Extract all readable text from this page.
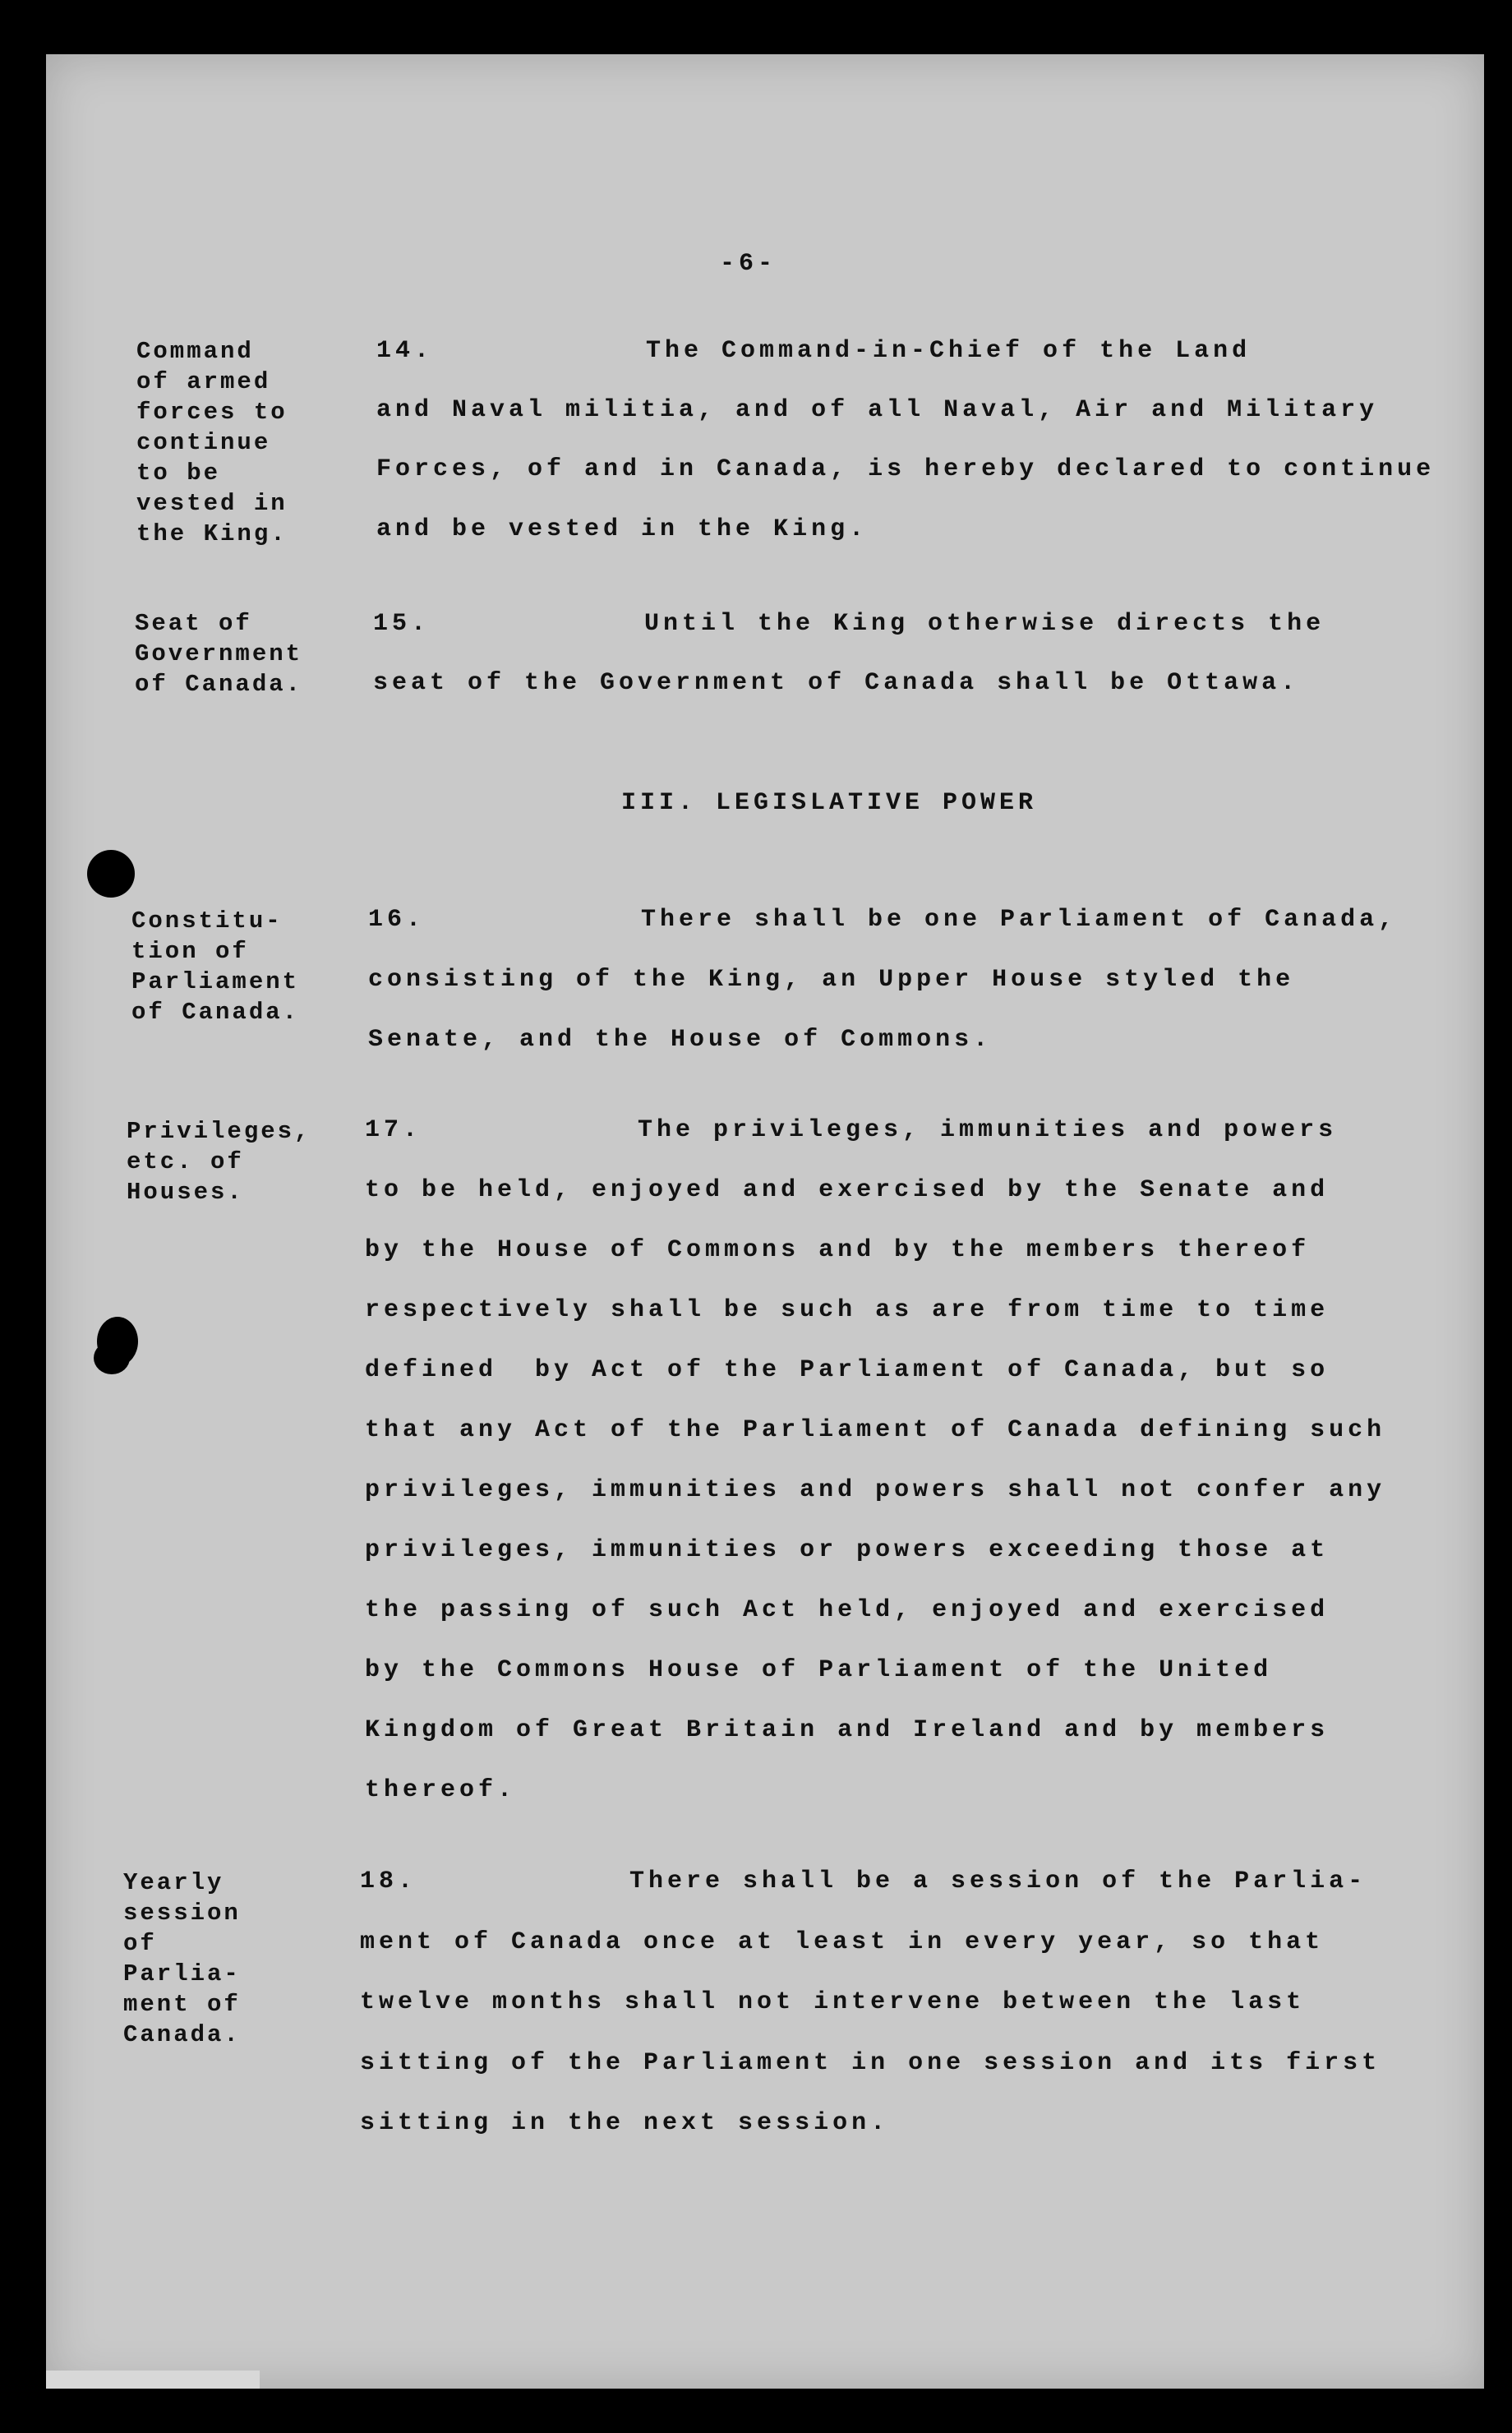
-6-
Command
of armed
forces to
continue
to be
vested in
the King.
14.	The Command-in-Chief of the Land
and Naval militia, and of all Naval, Air and Military
Forces, of and in Canada, is hereby declared to continue
and be vested in the King.
Seat of
Government
of Canada.
15.	Until the King otherwise directs the
seat of the Government of Canada shall be Ottawa.
III. LEGISLATIVE POWER
Constitu-
tion of
Parliament
of Canada.
16.	There shall be one Parliament of Canada,
consisting of the King, an Upper House styled the
Senate, and the House of Commons.
Privileges,
etc. of
Houses.
17.	The privileges, immunities and powers
to be held, enjoyed and exercised by the Senate and
by the House of Commons and by the members thereof
respectively shall be such as are from time to time
defined  by Act of the Parliament of Canada, but so
that any Act of the Parliament of Canada defining such
privileges, immunities and powers shall not confer any
privileges, immunities or powers exceeding those at
the passing of such Act held, enjoyed and exercised
by the Commons House of Parliament of the United
Kingdom of Great Britain and Ireland and by members
thereof.
Yearly
session
of
Parlia-
ment of
Canada.
18.	There shall be a session of the Parlia-
ment of Canada once at least in every year, so that
twelve months shall not intervene between the last
sitting of the Parliament in one session and its first
sitting in the next session.
